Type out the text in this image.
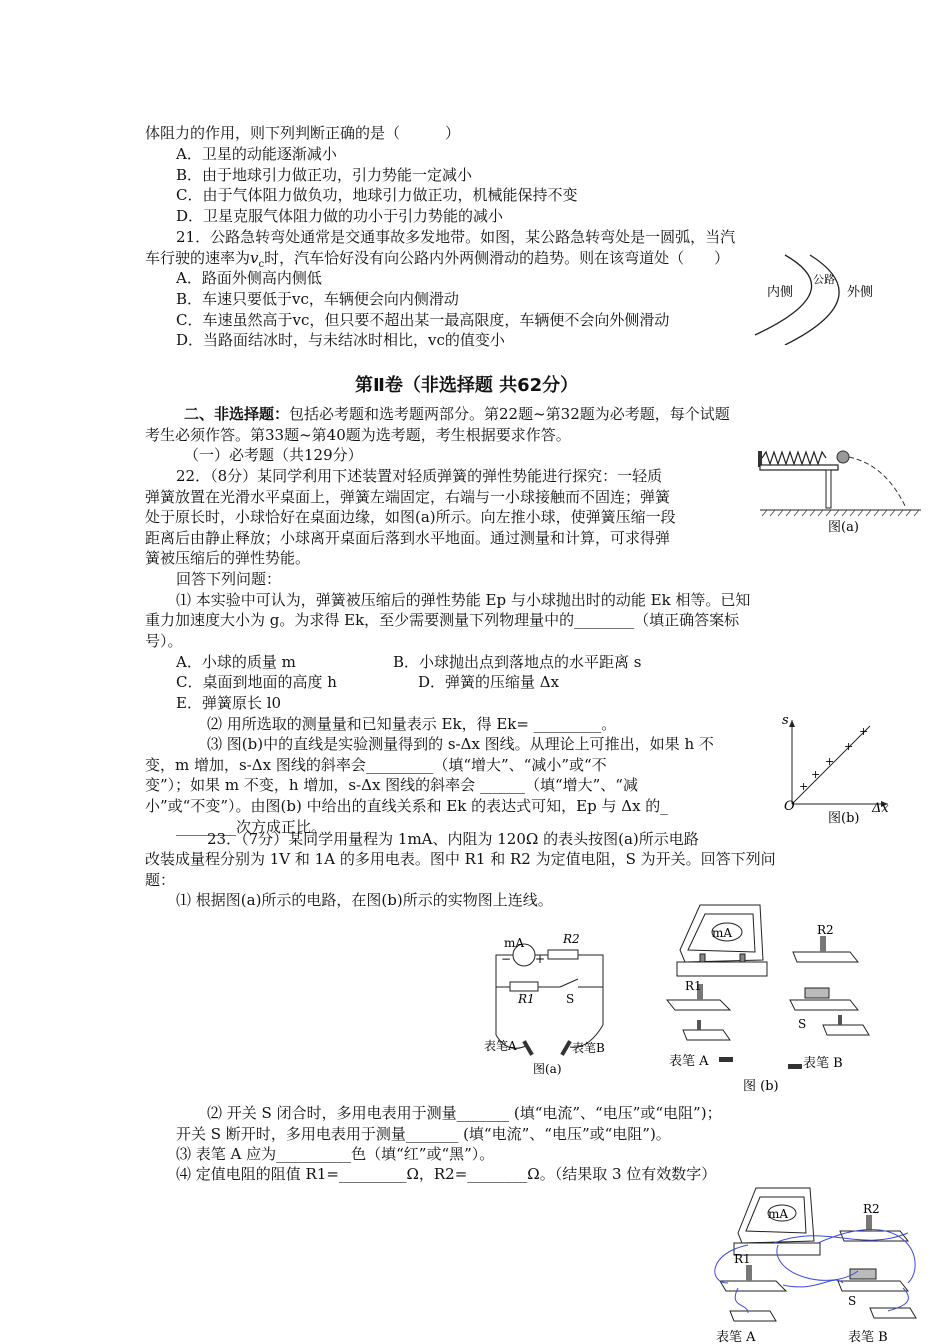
体阻力的作用，则下列判断正确的是（　　　）
A．卫星的动能逐渐减小
B．由于地球引力做正功，引力势能一定减小
C．由于气体阻力做负功，地球引力做正功，机械能保持不变
D．卫星克服气体阻力做的功小于引力势能的减小
21．公路急转弯处通常是交通事故多发地带。如图，某公路急转弯处是一圆弧，当汽
车行驶的速率为$v_c$时，汽车恰好没有向公路内外两侧滑动的趋势。则在该弯道处（　　）
A．路面外侧高内侧低
B．车速只要低于vc，车辆便会向内侧滑动
C．车速虽然高于vc，但只要不超出某一最高限度，车辆便不会向外侧滑动
D．当路面结冰时，与未结冰时相比，vc的值变小
内侧
公路
外侧
第Ⅱ卷（非选择题 共62分）
二、非选择题：包括必考题和选考题两部分。第22题~第32题为必考题，每个试题
考生必须作答。第33题~第40题为选考题，考生根据要求作答。
（一）必考题（共129分）
22．（8分）某同学利用下述装置对轻质弹簧的弹性势能进行探究：一轻质
弹簧放置在光滑水平桌面上，弹簧左端固定，右端与一小球接触而不固连；弹簧
处于原长时，小球恰好在桌面边缘，如图(a)所示。向左推小球，使弹簧压缩一段
距离后由静止释放；小球离开桌面后落到水平地面。通过测量和计算，可求得弹
簧被压缩后的弹性势能。
回答下列问题：
⑴ 本实验中可认为，弹簧被压缩后的弹性势能 Ep 与小球抛出时的动能 Ek 相等。已知
重力加速度大小为 g。为求得 Ek，至少需要测量下列物理量中的________（填正确答案标
号）。
A．小球的质量 m	B．小球抛出点到落地点的水平距离 s
C．桌面到地面的高度 h	D．弹簧的压缩量 Δx
E．弹簧原长 l0
⑵ 用所选取的测量量和已知量表示 Ek，得 Ek= _________。
⑶ 图(b)中的直线是实验测量得到的 s-Δx 图线。从理论上可推出，如果 h 不
变，m 增加，s-Δx 图线的斜率会_________（填“增大”、“减小”或“不
变”）；如果 m 不变，h 增加，s-Δx 图线的斜率会 ______（填“增大”、“减
小”或“不变”）。由图(b) 中给出的直线关系和 Ek 的表达式可知，Ep 与 Δx 的_
________次方成正比。
图(a)
+
+
+
+
+
s
Δx
O
图(b)
23．（7分）某同学用量程为 1mA、内阻为 120Ω 的表头按图(a)所示电路
改装成量程分别为 1V 和 1A 的多用电表。图中 R1 和 R2 为定值电阻，S 为开关。回答下列问
题：
⑴ 根据图(a)所示的电路，在图(b)所示的实物图上连线。
mA
− +
R2
R1	S
表笔A	表笔B
图(a)
mA
R1
R2
S
表笔 A	表笔 B
图 (b)
⑵ 开关 S 闭合时，多用电表用于测量_______ (填“电流”、“电压”或“电阻”)；
开关 S 断开时，多用电表用于测量_______ (填“电流”、“电压”或“电阻”)。
⑶ 表笔 A 应为__________色（填“红”或“黑”）。
⑷ 定值电阻的阻值 R1=_________Ω，R2=________Ω。（结果取 3 位有效数字）
mA	R2
R1
S
表笔 A	表笔 B
